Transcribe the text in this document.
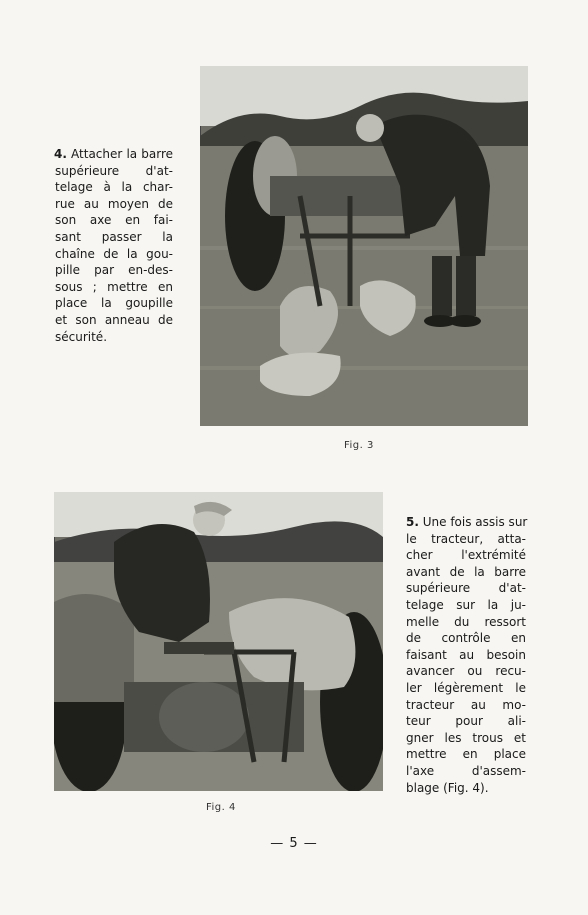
Fig. 3
4. Attacher la barre
supérieure d'at-
telage à la char-
rue au moyen de
son axe en fai-
sant passer la
chaîne de la gou-
pille par en-des-
sous ; mettre en
place la goupille
et son anneau de
sécurité.
Fig. 4
5. Une fois assis sur
le tracteur, atta-
cher l'extrémité
avant de la barre
supérieure d'at-
telage sur la ju-
melle du ressort
de contrôle en
faisant au besoin
avancer ou recu-
ler légèrement le
tracteur au mo-
teur pour ali-
gner les trous et
mettre en place
l'axe d'assem-
blage (Fig. 4).
— 5 —
